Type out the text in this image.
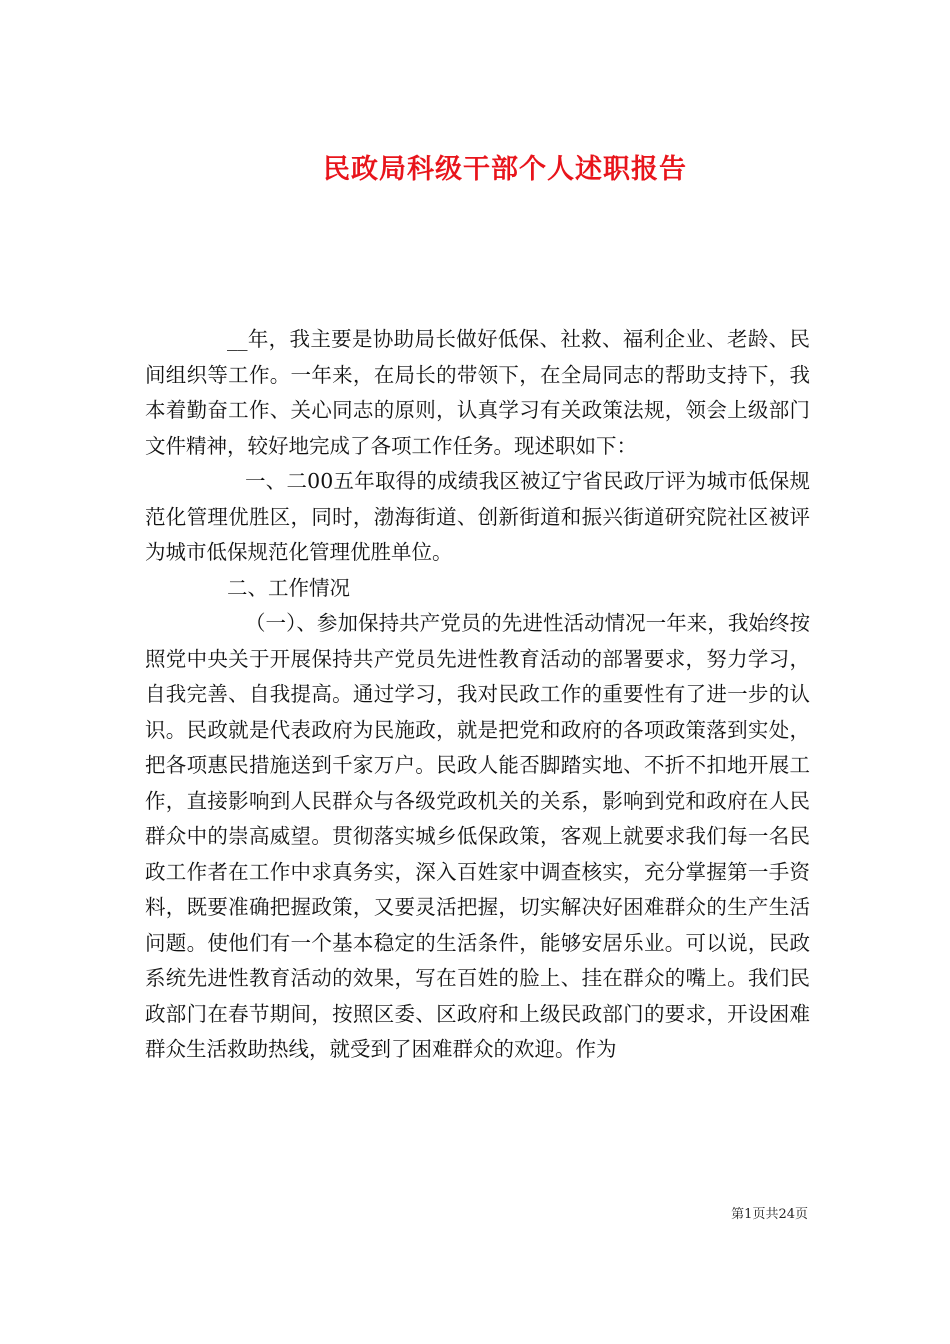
民政局科级干部个人述职报告

__年，我主要是协助局长做好低保、社救、福利企业、老龄、民间组织等工作。一年来，在局长的带领下，在全局同志的帮助支持下，我本着勤奋工作、关心同志的原则，认真学习有关政策法规，领会上级部门文件精神，较好地完成了各项工作任务。现述职如下：

一、二00五年取得的成绩我区被辽宁省民政厅评为城市低保规范化管理优胜区，同时，渤海街道、创新街道和振兴街道研究院社区被评为城市低保规范化管理优胜单位。

二、工作情况

（一）、参加保持共产党员的先进性活动情况一年来，我始终按照党中央关于开展保持共产党员先进性教育活动的部署要求，努力学习，自我完善、自我提高。通过学习，我对民政工作的重要性有了进一步的认识。民政就是代表政府为民施政，就是把党和政府的各项政策落到实处，把各项惠民措施送到千家万户。民政人能否脚踏实地、不折不扣地开展工作，直接影响到人民群众与各级党政机关的关系，影响到党和政府在人民群众中的崇高威望。贯彻落实城乡低保政策，客观上就要求我们每一名民政工作者在工作中求真务实，深入百姓家中调查核实，充分掌握第一手资料，既要准确把握政策，又要灵活把握，切实解决好困难群众的生产生活问题。使他们有一个基本稳定的生活条件，能够安居乐业。可以说，民政系统先进性教育活动的效果，写在百姓的脸上、挂在群众的嘴上。我们民政部门在春节期间，按照区委、区政府和上级民政部门的要求，开设困难群众生活救助热线，就受到了困难群众的欢迎。作为

第1页共24页
